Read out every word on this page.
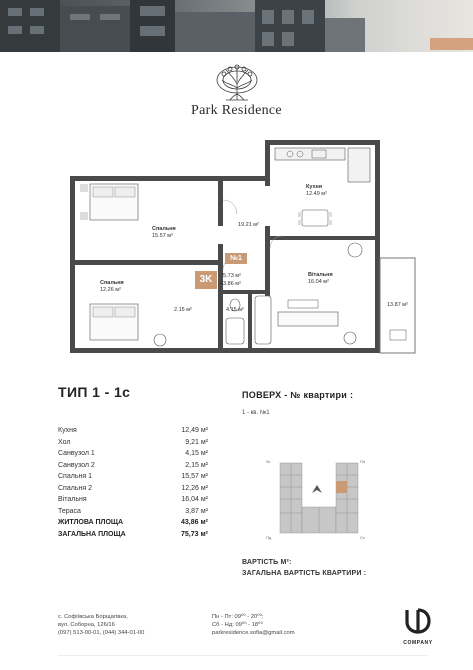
Park Residence
Кухня
12.49 м²
19.21 м²
Спальня
15.57 м²
Спальня
12.26 м²
Вітальня
16.04 м²
13.87 м²
2.15 м²	4.15 м²
№1
3K	75.73 м²
43.86 м²
ТИП 1 - 1с	ПОВЕРХ - № квартири :
1 - кв. №1
Кухня	12,49 м²
Хол	9,21 м²
Санвузол 1	4,15 м²
Санвузол 2	2,15 м²
Спальня 1	15,57 м²
Спальня 2	12,26 м²
Вітальня	16,04 м²
Тераса	3,87 м²
ЖИТЛОВА ПЛОЩА	43,86 м²
ЗАГАЛЬНА ПЛОЩА	75,73 м²
Зх	Пн
Пд	Сх
ВАРТІСТЬ М²:
ЗАГАЛЬНА ВАРТІСТЬ КВАРТИРИ :
с. Софіївська Борщагівка,
вул. Соборна, 126/16
(097) 513-00-01, (044) 344-01-00
Пн - Пт: 09⁰⁰ - 20⁰⁰;
Сб - Нд: 09⁰⁰ - 18⁰⁰
parkresidence.sofia@gmail.com
COMPANY
